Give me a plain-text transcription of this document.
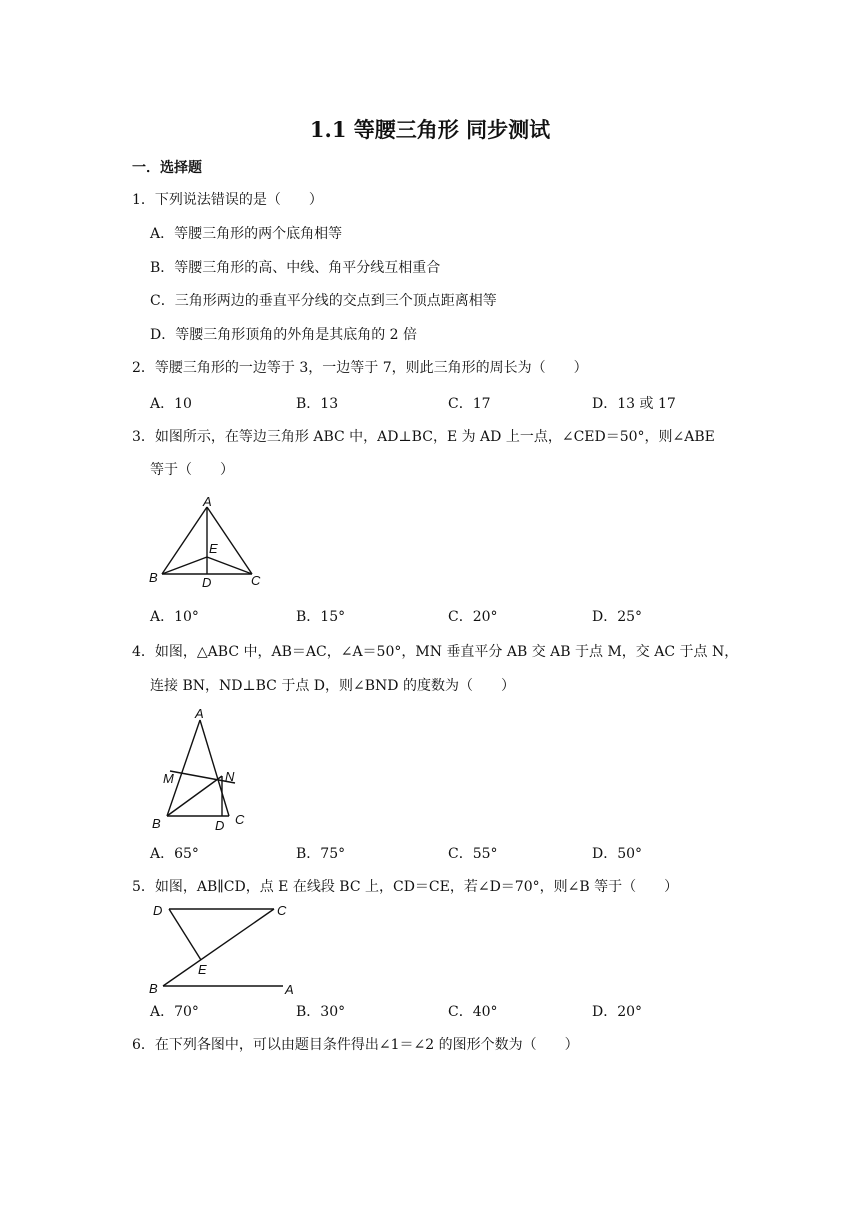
1.1 等腰三角形 同步测试
一．选择题
1．下列说法错误的是（　　）
A．等腰三角形的两个底角相等
B．等腰三角形的高、中线、角平分线互相重合
C．三角形两边的垂直平分线的交点到三个顶点距离相等
D．等腰三角形顶角的外角是其底角的 2 倍
2．等腰三角形的一边等于 3，一边等于 7，则此三角形的周长为（　　）
A．10	B．13	C．17	D．13 或 17
3．如图所示，在等边三角形 ABC 中，AD⊥BC，E 为 AD 上一点，∠CED＝50°，则∠ABE
等于（　　）
A
E
B	D	C
A．10°	B．15°	C．20°	D．25°
4．如图，△ABC 中，AB＝AC，∠A＝50°，MN 垂直平分 AB 交 AB 于点 M，交 AC 于点 N，
连接 BN，ND⊥BC 于点 D，则∠BND 的度数为（　　）
A
M	N
B	D C
A．65°	B．75°	C．55°	D．50°
5．如图，AB∥CD，点 E 在线段 BC 上，CD＝CE，若∠D＝70°，则∠B 等于（　　）
D	C
E
B	A
A．70°	B．30°	C．40°	D．20°
6．在下列各图中，可以由题目条件得出∠1＝∠2 的图形个数为（　　）
